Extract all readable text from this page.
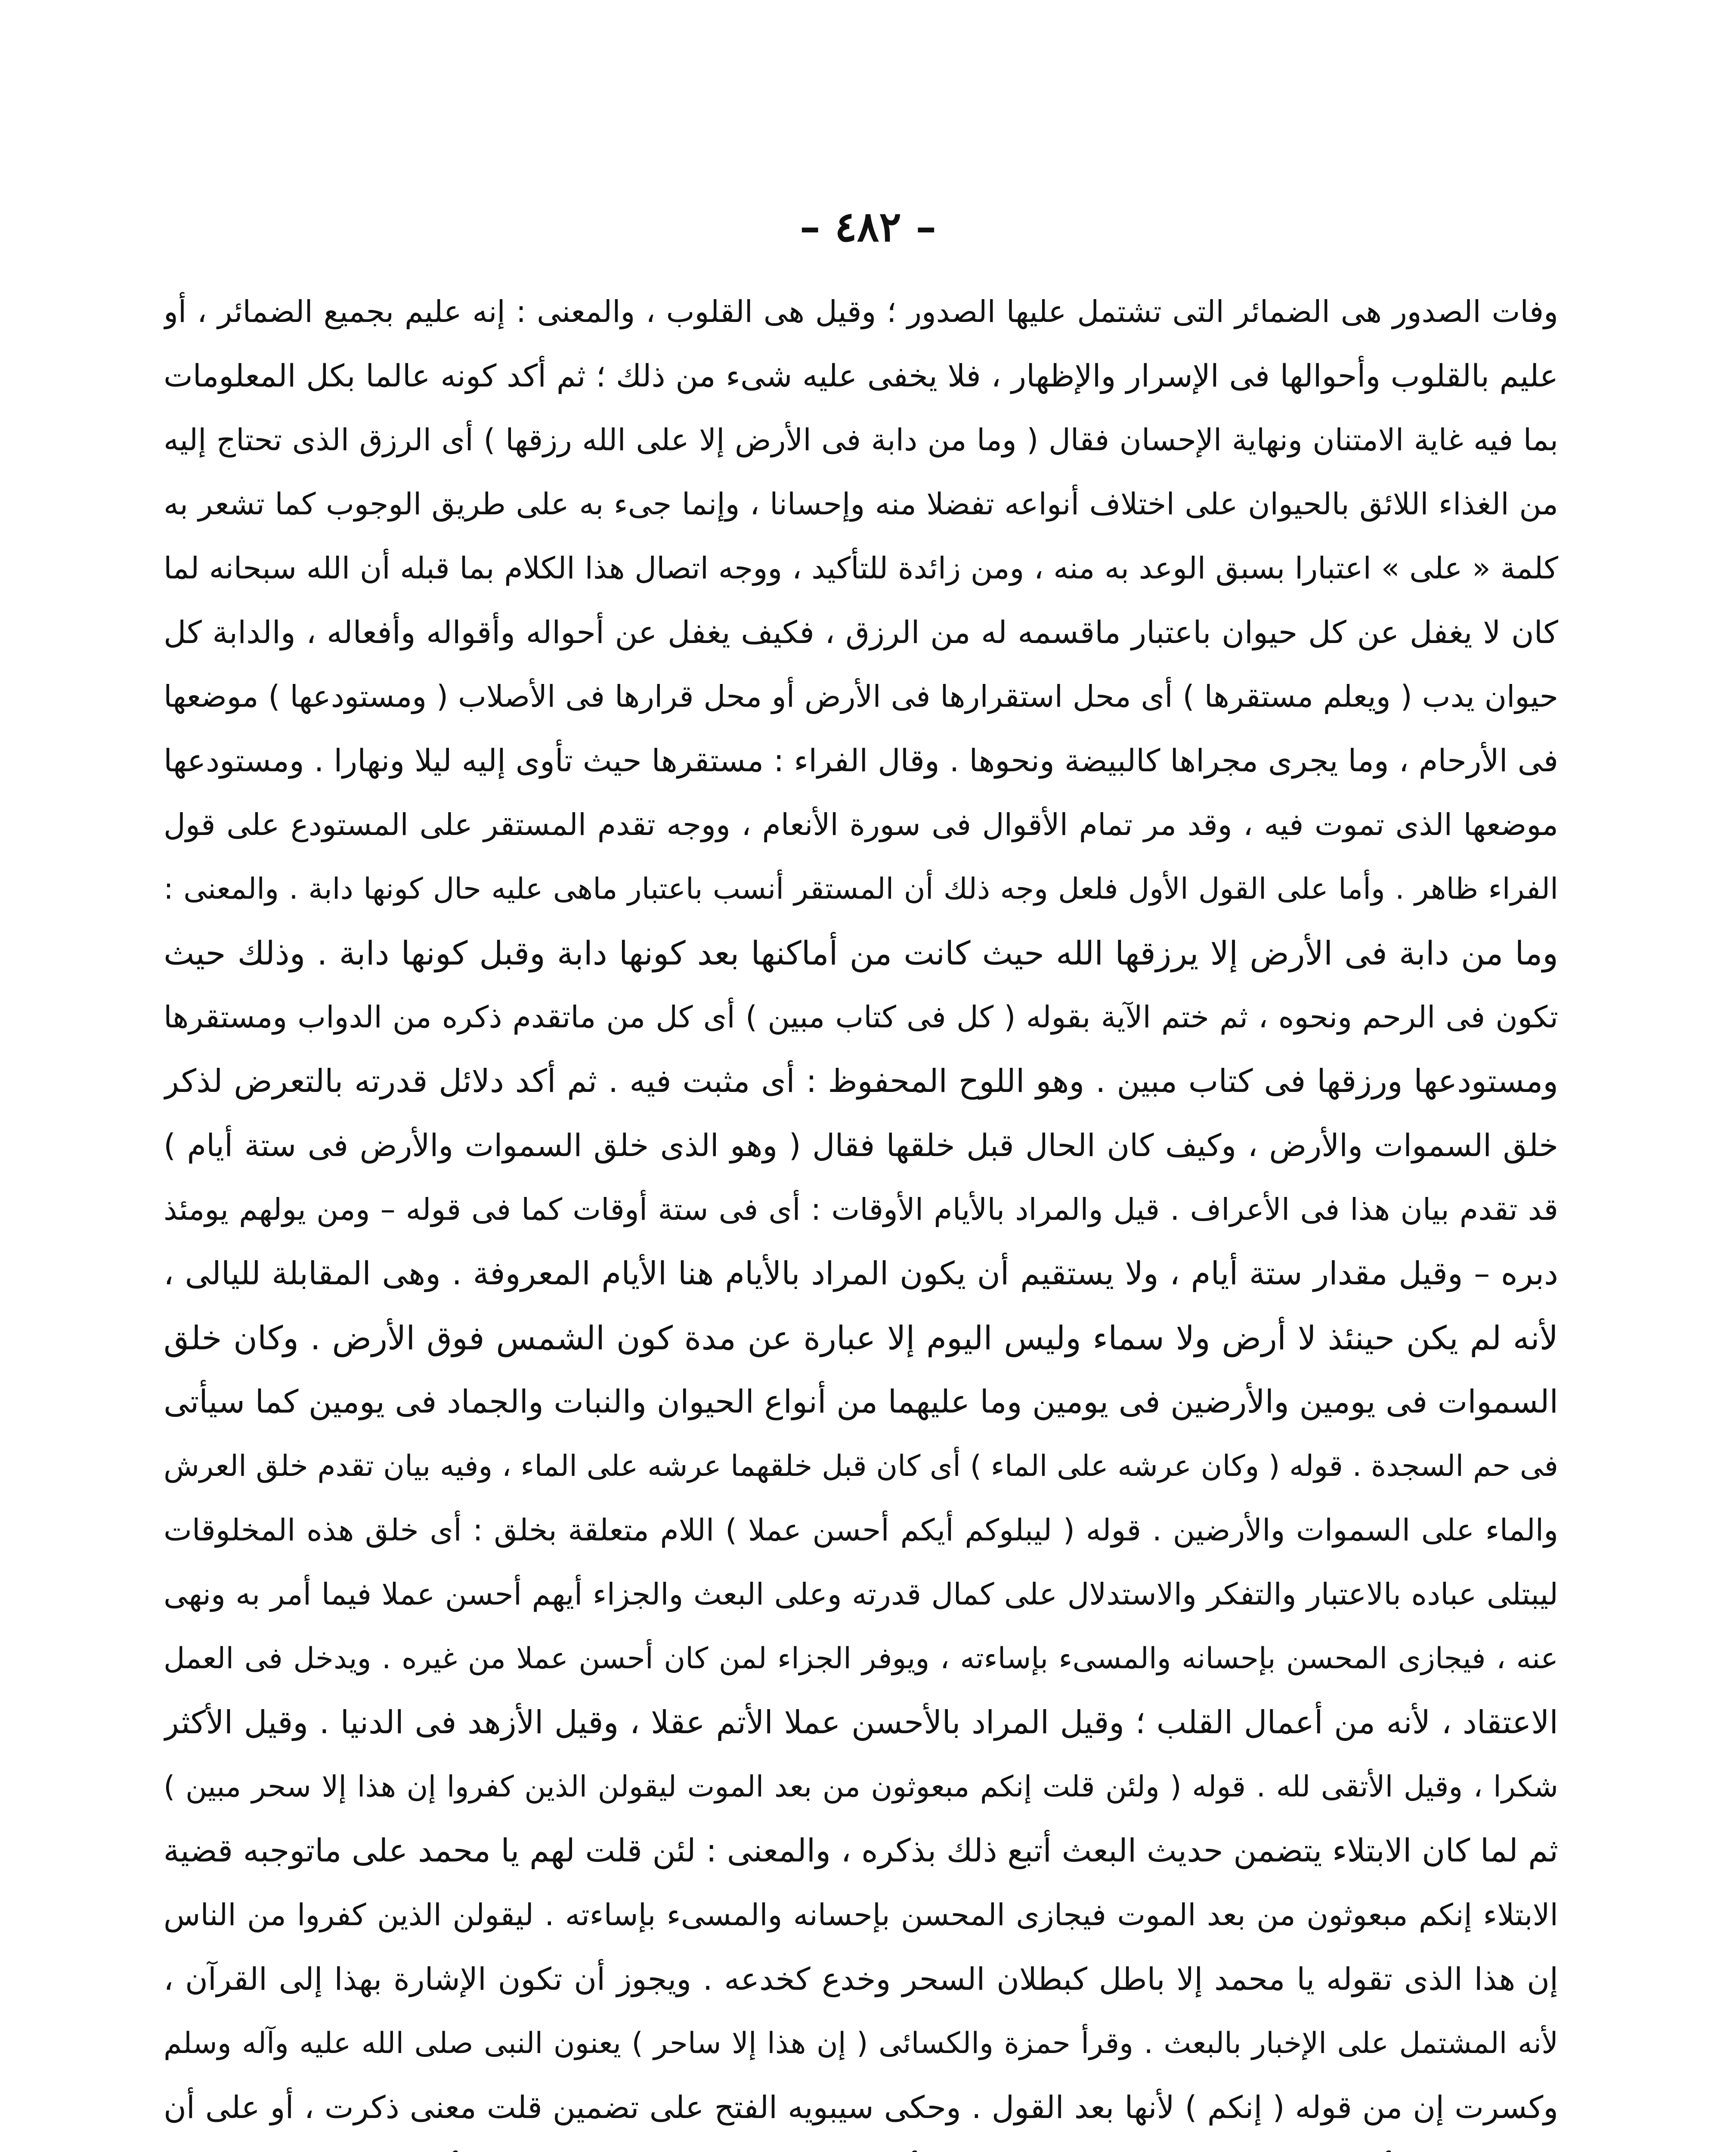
– ٤٨٢ –
وفات الصدور هى الضمائر التى تشتمل عليها الصدور ؛ وقيل هى القلوب ، والمعنى : إنه عليم بجميع الضمائر ، أو
عليم بالقلوب وأحوالها فى الإسرار والإظهار ، فلا يخفى عليه شىء من ذلك ؛ ثم أكد كونه عالما بكل المعلومات
بما فيه غاية الامتنان ونهاية الإحسان فقال ( وما من دابة فى الأرض إلا على الله رزقها ) أى الرزق الذى تحتاج إليه
من الغذاء اللائق بالحيوان على اختلاف أنواعه تفضلا منه وإحسانا ، وإنما جىء به على طريق الوجوب كما تشعر به
كلمة « على » اعتبارا بسبق الوعد به منه ، ومن زائدة للتأكيد ، ووجه اتصال هذا الكلام بما قبله أن الله سبحانه لما
كان لا يغفل عن كل حيوان باعتبار ماقسمه له من الرزق ، فكيف يغفل عن أحواله وأقواله وأفعاله ، والدابة كل
حيوان يدب ( ويعلم مستقرها ) أى محل استقرارها فى الأرض أو محل قرارها فى الأصلاب ( ومستودعها ) موضعها
فى الأرحام ، وما يجرى مجراها كالبيضة ونحوها . وقال الفراء : مستقرها حيث تأوى إليه ليلا ونهارا . ومستودعها
موضعها الذى تموت فيه ، وقد مر تمام الأقوال فى سورة الأنعام ، ووجه تقدم المستقر على المستودع على قول
الفراء ظاهر . وأما على القول الأول فلعل وجه ذلك أن المستقر أنسب باعتبار ماهى عليه حال كونها دابة . والمعنى :
وما من دابة فى الأرض إلا يرزقها الله حيث كانت من أماكنها بعد كونها دابة وقبل كونها دابة . وذلك حيث
تكون فى الرحم ونحوه ، ثم ختم الآية بقوله ( كل فى كتاب مبين ) أى كل من ماتقدم ذكره من الدواب ومستقرها
ومستودعها ورزقها فى كتاب مبين . وهو اللوح المحفوظ : أى مثبت فيه . ثم أكد دلائل قدرته بالتعرض لذكر
خلق السموات والأرض ، وكيف كان الحال قبل خلقها فقال ( وهو الذى خلق السموات والأرض فى ستة أيام )
قد تقدم بيان هذا فى الأعراف . قيل والمراد بالأيام الأوقات : أى فى ستة أوقات كما فى قوله – ومن يولهم يومئذ
دبره – وقيل مقدار ستة أيام ، ولا يستقيم أن يكون المراد بالأيام هنا الأيام المعروفة . وهى المقابلة لليالى ،
لأنه لم يكن حينئذ لا أرض ولا سماء وليس اليوم إلا عبارة عن مدة كون الشمس فوق الأرض . وكان خلق
السموات فى يومين والأرضين فى يومين وما عليهما من أنواع الحيوان والنبات والجماد فى يومين كما سيأتى
فى حم السجدة . قوله ( وكان عرشه على الماء ) أى كان قبل خلقهما عرشه على الماء ، وفيه بيان تقدم خلق العرش
والماء على السموات والأرضين . قوله ( ليبلوكم أيكم أحسن عملا ) اللام متعلقة بخلق : أى خلق هذه المخلوقات
ليبتلى عباده بالاعتبار والتفكر والاستدلال على كمال قدرته وعلى البعث والجزاء أيهم أحسن عملا فيما أمر به ونهى
عنه ، فيجازى المحسن بإحسانه والمسىء بإساءته ، ويوفر الجزاء لمن كان أحسن عملا من غيره . ويدخل فى العمل
الاعتقاد ، لأنه من أعمال القلب ؛ وقيل المراد بالأحسن عملا الأتم عقلا ، وقيل الأزهد فى الدنيا . وقيل الأكثر
شكرا ، وقيل الأتقى لله . قوله ( ولئن قلت إنكم مبعوثون من بعد الموت ليقولن الذين كفروا إن هذا إلا سحر مبين )
ثم لما كان الابتلاء يتضمن حديث البعث أتبع ذلك بذكره ، والمعنى : لئن قلت لهم يا محمد على ماتوجبه قضية
الابتلاء إنكم مبعوثون من بعد الموت فيجازى المحسن بإحسانه والمسىء بإساءته . ليقولن الذين كفروا من الناس
إن هذا الذى تقوله يا محمد إلا باطل كبطلان السحر وخدع كخدعه . ويجوز أن تكون الإشارة بهذا إلى القرآن ،
لأنه المشتمل على الإخبار بالبعث . وقرأ حمزة والكسائى ( إن هذا إلا ساحر ) يعنون النبى صلى الله عليه وآله وسلم
وكسرت إن من قوله ( إنكم ) لأنها بعد القول . وحكى سيبويه الفتح على تضمين قلت معنى ذكرت ، أو على أن
